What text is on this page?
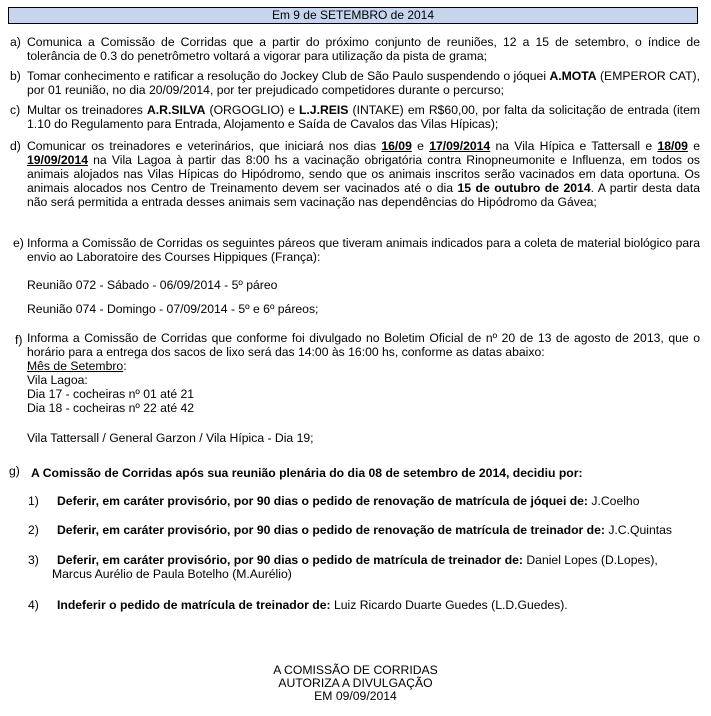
Em 9 de SETEMBRO de 2014
a) Comunica a Comissão de Corridas que a partir do próximo conjunto de reuniões, 12 a 15 de setembro, o índice de tolerância de 0.3 do penetrômetro voltará a vigorar para utilização da pista de grama;
b) Tomar conhecimento e ratificar a resolução do Jockey Club de São Paulo suspendendo o jóquei A.MOTA (EMPEROR CAT), por 01 reunião, no dia 20/09/2014, por ter prejudicado competidores durante o percurso;
c) Multar os treinadores A.R.SILVA (ORGOGLIO) e L.J.REIS (INTAKE) em R$60,00, por falta da solicitação de entrada (item 1.10 do Regulamento para Entrada, Alojamento e Saída de Cavalos das Vilas Hípicas);
d) Comunicar os treinadores e veterinários, que iniciará nos dias 16/09 e 17/09/2014 na Vila Hípica e Tattersall e 18/09 e 19/09/2014 na Vila Lagoa à partir das 8:00 hs a vacinação obrigatória contra Rinopneumonite e Influenza, em todos os animais alojados nas Vilas Hípicas do Hipódromo, sendo que os animais inscritos serão vacinados em data oportuna. Os animais alocados nos Centro de Treinamento devem ser vacinados até o dia 15 de outubro de 2014. A partir desta data não será permitida a entrada desses animais sem vacinação nas dependências do Hipódromo da Gávea;
e) Informa a Comissão de Corridas os seguintes páreos que tiveram animais indicados para a coleta de material biológico para envio ao Laboratoire des Courses Hippiques (França):
Reunião 072 - Sábado - 06/09/2014 - 5º páreo
Reunião 074 - Domingo - 07/09/2014 - 5º e 6º páreos;
f) Informa a Comissão de Corridas que conforme foi divulgado no Boletim Oficial de nº 20 de 13 de agosto de 2013, que o horário para a entrega dos sacos de lixo será das 14:00 às 16:00 hs, conforme as datas abaixo:
Mês de Setembro:
Vila Lagoa:
Dia 17 - cocheiras nº 01 até 21
Dia 18 - cocheiras nº 22 até 42
Vila Tattersall / General Garzon / Vila Hípica - Dia 19;
g) A Comissão de Corridas após sua reunião plenária do dia 08 de setembro de 2014, decidiu por:
1) Deferir, em caráter provisório, por 90 dias o pedido de renovação de matrícula de jóquei de: J.Coelho
2) Deferir, em caráter provisório, por 90 dias o pedido de renovação de matrícula de treinador de: J.C.Quintas
3) Deferir, em caráter provisório, por 90 dias o pedido de matrícula de treinador de: Daniel Lopes (D.Lopes),
Marcus Aurélio de Paula Botelho (M.Aurélio)
4) Indeferir o pedido de matrícula de treinador de: Luiz Ricardo Duarte Guedes (L.D.Guedes).
A COMISSÃO DE CORRIDAS
AUTORIZA A DIVULGAÇÃO
EM 09/09/2014
